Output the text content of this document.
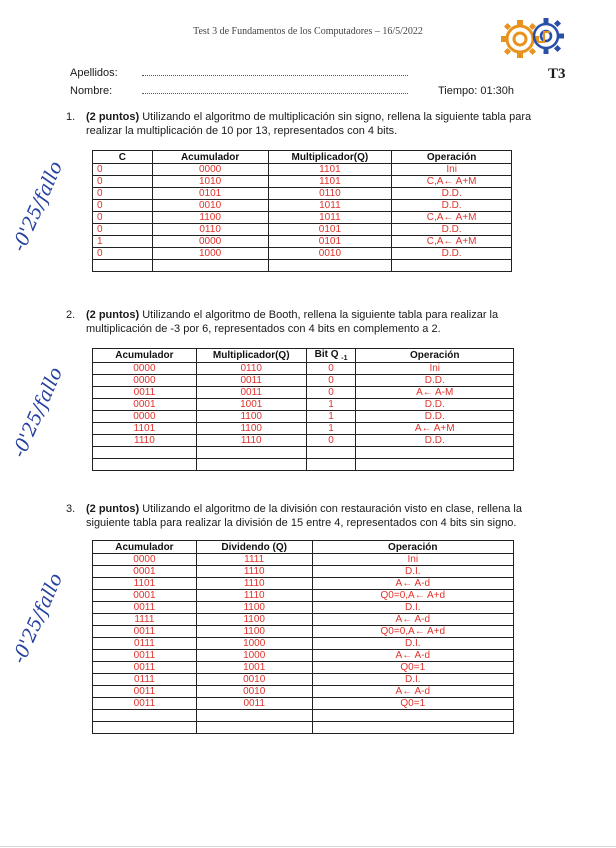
Test 3 de Fundamentos de los Computadores – 16/5/2022
T3
Apellidos:
Nombre:	Tiempo: 01:30h
1. (2 puntos) Utilizando el algoritmo de multiplicación sin signo, rellena la siguiente tabla para realizar la multiplicación de 10 por 13, representados con 4 bits.
C	Acumulador	Multiplicador(Q)	Operación
0	0000	1101	Ini
0	1010	1101	C,A← A+M
0	0101	0110	D.D.
0	0010	1011	D.D.
0	1100	1011	C,A← A+M
0	0110	0101	D.D.
1	0000	0101	C,A← A+M
0	1000	0010	D.D.

2. (2 puntos) Utilizando el algoritmo de Booth, rellena la siguiente tabla para realizar la multiplicación de -3 por 6, representados con 4 bits en complemento a 2.
Acumulador	Multiplicador(Q)	Bit Q $_{-1}$	Operación
0000	0110	0	Ini
0000	0011	0	D.D.
0011	0011	0	A← A-M
0001	1001	1	D.D.
0000	1100	1	D.D.
1101	1100	1	A← A+M
1110	1110	0	D.D.

3. (2 puntos) Utilizando el algoritmo de la división con restauración visto en clase, rellena la siguiente tabla para realizar la división de 15 entre 4, representados con 4 bits sin signo.
Acumulador	Dividendo (Q)	Operación
0000	1111	Ini
0001	1110	D.I.
1101	1110	A← A-d
0001	1110	Q0=0,A← A+d
0011	1100	D.I.
1111	1100	A← A-d
0011	1100	Q0=0,A← A+d
0111	1000	D.I.
0011	1000	A← A-d
0011	1001	Q0=1
0111	0010	D.I.
0011	0010	A← A-d
0011	0011	Q0=1

-0'25/fallo
-0'25/fallo
-0'25/fallo
